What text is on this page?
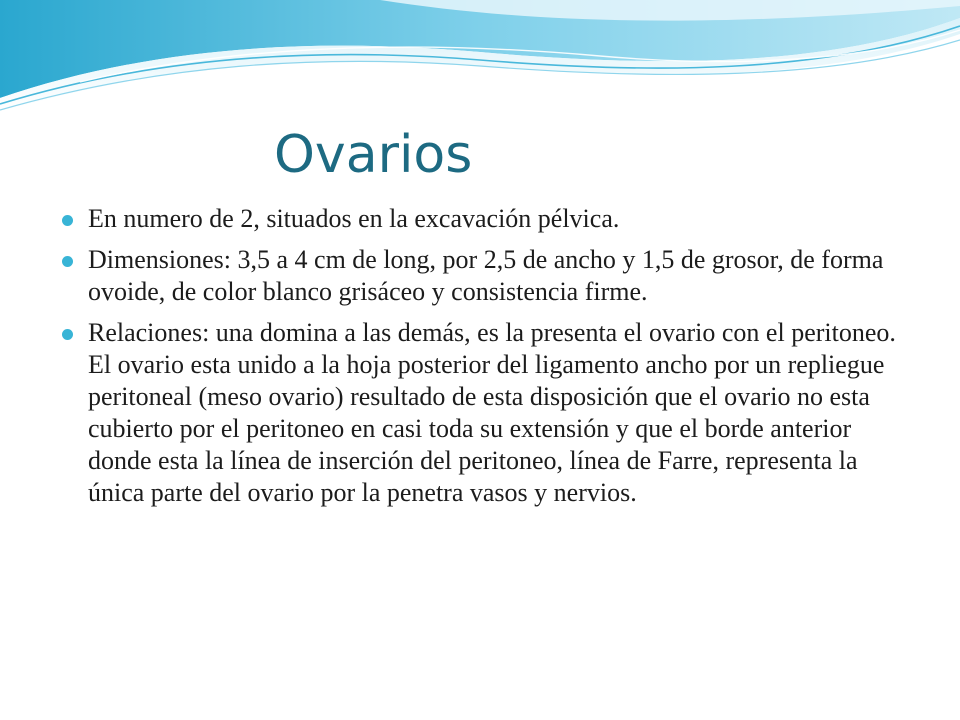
Ovarios
En numero de 2, situados en la excavación pélvica.
Dimensiones: 3,5 a 4 cm de long, por 2,5 de ancho y 1,5 de grosor, de forma ovoide, de color blanco grisáceo y consistencia firme.
Relaciones: una domina a las demás, es la presenta el ovario con el peritoneo. El ovario esta unido a la hoja posterior del ligamento ancho por un repliegue peritoneal (meso ovario) resultado de esta disposición que el ovario no esta cubierto por el peritoneo en casi toda su extensión y que el borde anterior donde esta la línea de inserción del peritoneo, línea de Farre, representa la única parte del ovario por la penetra vasos y nervios.
